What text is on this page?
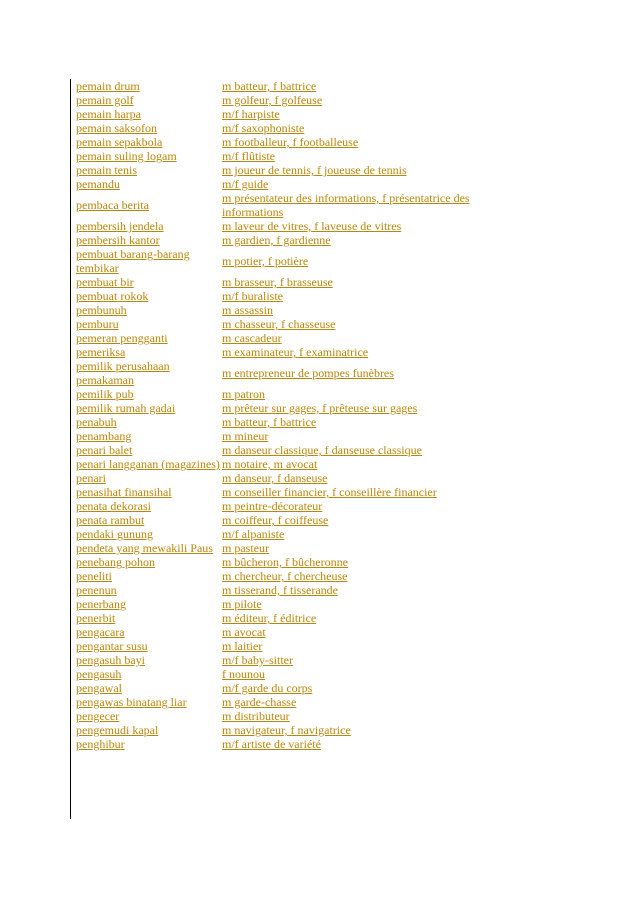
pemain drum	m batteur, f battrice
pemain golf	m golfeur, f golfeuse
pemain harpa	m/f harpiste
pemain saksofon	m/f saxophoniste
pemain sepakbola	m footballeur, f footballeuse
pemain suling logam	m/f flûtiste
pemain tenis	m joueur de tennis, f joueuse de tennis
pemandu	m/f guide
pembaca berita	m présentateur des informations, f présentatrice des informations
pembersih jendela	m laveur de vitres, f laveuse de vitres
pembersih kantor	m gardien, f gardienne
pembuat barang-barang tembikar	m potier, f potière
pembuat bir	m brasseur, f brasseuse
pembuat rokok	m/f buraliste
pembunuh	m assassin
pemburu	m chasseur, f chasseuse
pemeran pengganti	m cascadeur
pemeriksa	m examinateur, f examinatrice
pemilik perusahaan pemakaman	m entrepreneur de pompes funèbres
pemilik pub	m patron
pemilik rumah gadai	m prêteur sur gages, f prêteuse sur gages
penabuh	m batteur, f battrice
penambang	m mineur
penari balet	m danseur classique, f danseuse classique
penari langganan (magazines)	m notaire, m avocat
penari	m danseur, f danseuse
penasihat finansihal	m conseiller financier, f conseillère financier
penata dekorasi	m peintre-décorateur
penata rambut	m coiffeur, f coiffeuse
pendaki gunung	m/f alpaniste
pendeta yang mewakili Paus	m pasteur
penebang pohon	m bûcheron, f bûcheronne
peneliti	m chercheur, f chercheuse
penenun	m tisserand, f tisserande
penerbang	m pilote
penerbit	m éditeur, f éditrice
pengacara	m avocat
pengantar susu	m laitier
pengasuh bayi	m/f baby-sitter
pengasuh	f nounou
pengawal	m/f garde du corps
pengawas binatang liar	m garde-chasse
pengecer	m distributeur
pengemudi kapal	m navigateur, f navigatrice
penghibur	m/f artiste de variété
